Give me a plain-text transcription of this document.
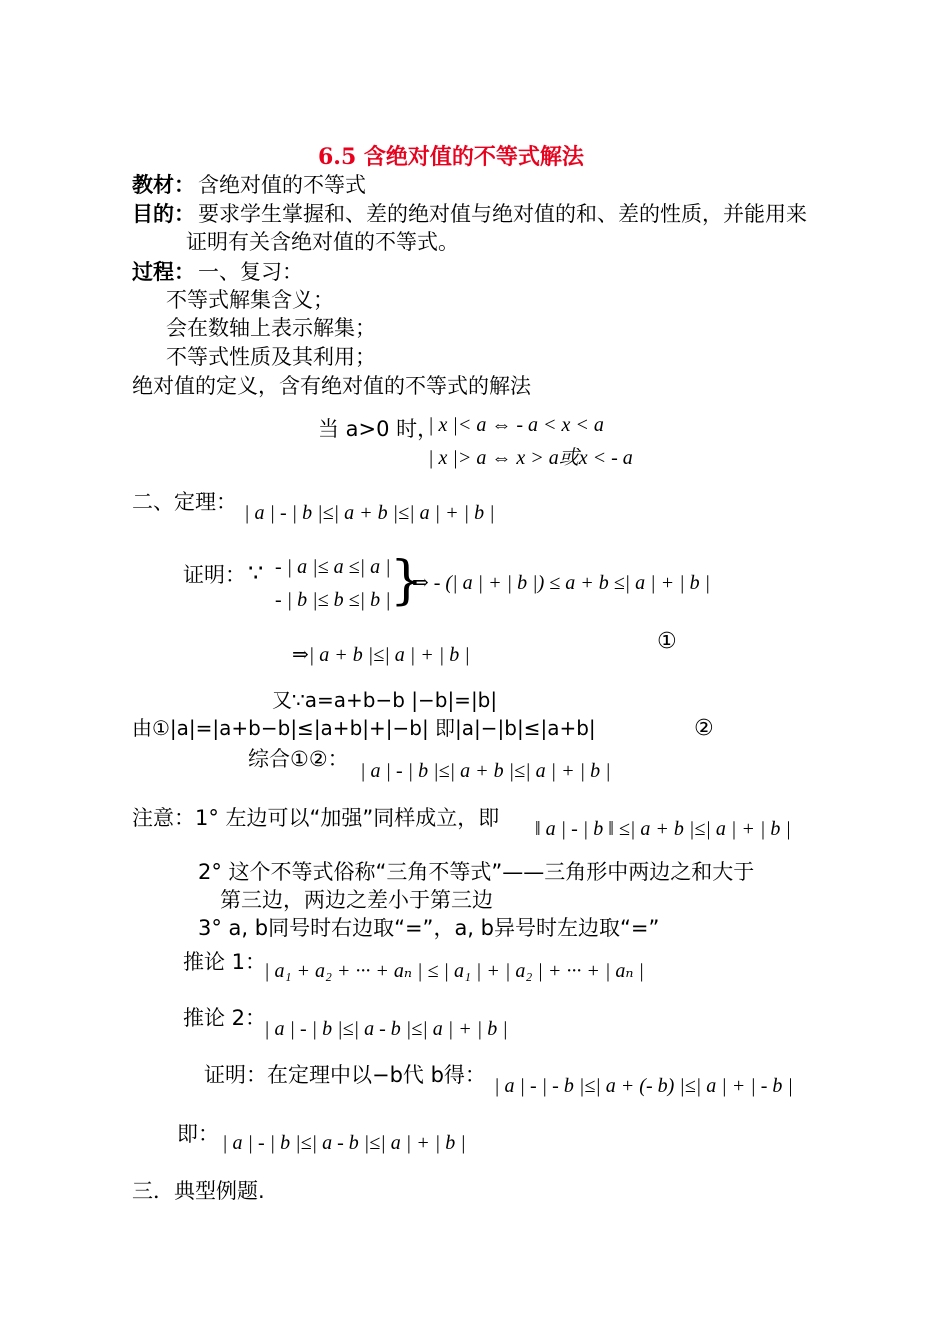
6.5 含绝对值的不等式解法
教材： 含绝对值的不等式
目的： 要求学生掌握和、差的绝对值与绝对值的和、差的性质，并能用来
证明有关含绝对值的不等式。
过程： 一、复习：
不等式解集含义；
会在数轴上表示解集；
不等式性质及其利用；
绝对值的定义，含有绝对值的不等式的解法
当 a>0 时，
| x |< a ⇔ - a < x < a
| x |> a ⇔ x > a或x < - a
二、定理： | a | - | b |≤| a + b |≤| a | + | b |
证明： ∵ - | a |≤ a ≤| a |
- | b |≤ b ≤| b | }
⇒ - (| a | + | b |) ≤ a + b ≤| a | + | b |
①
⇒| a + b |≤| a | + | b |
又∵a=a+b−b |−b|=|b|
由①|a|=|a+b−b|≤|a+b|+|−b| 即|a|−|b|≤|a+b|	②
综合①②： | a | - | b |≤| a + b |≤| a | + | b |
注意：1° 左边可以“加强”同样成立，即 ‖ a | - | b ‖ ≤| a + b |≤| a | + | b |
2° 这个不等式俗称“三角不等式”——三角形中两边之和大于
第三边，两边之差小于第三边
3° a, b同号时右边取“=”，a, b异号时左边取“=”
推论 1：
| a₁ + a₂ + ··· + aₙ | ≤ | a₁ | + | a₂ | + ··· + | aₙ |
推论 2：
| a | - | b |≤| a - b |≤| a | + | b |
证明：在定理中以−b代 b得： | a | - | - b |≤| a + (- b) |≤| a | + | - b |
即： | a | - | b |≤| a - b |≤| a | + | b |
三．典型例题.
